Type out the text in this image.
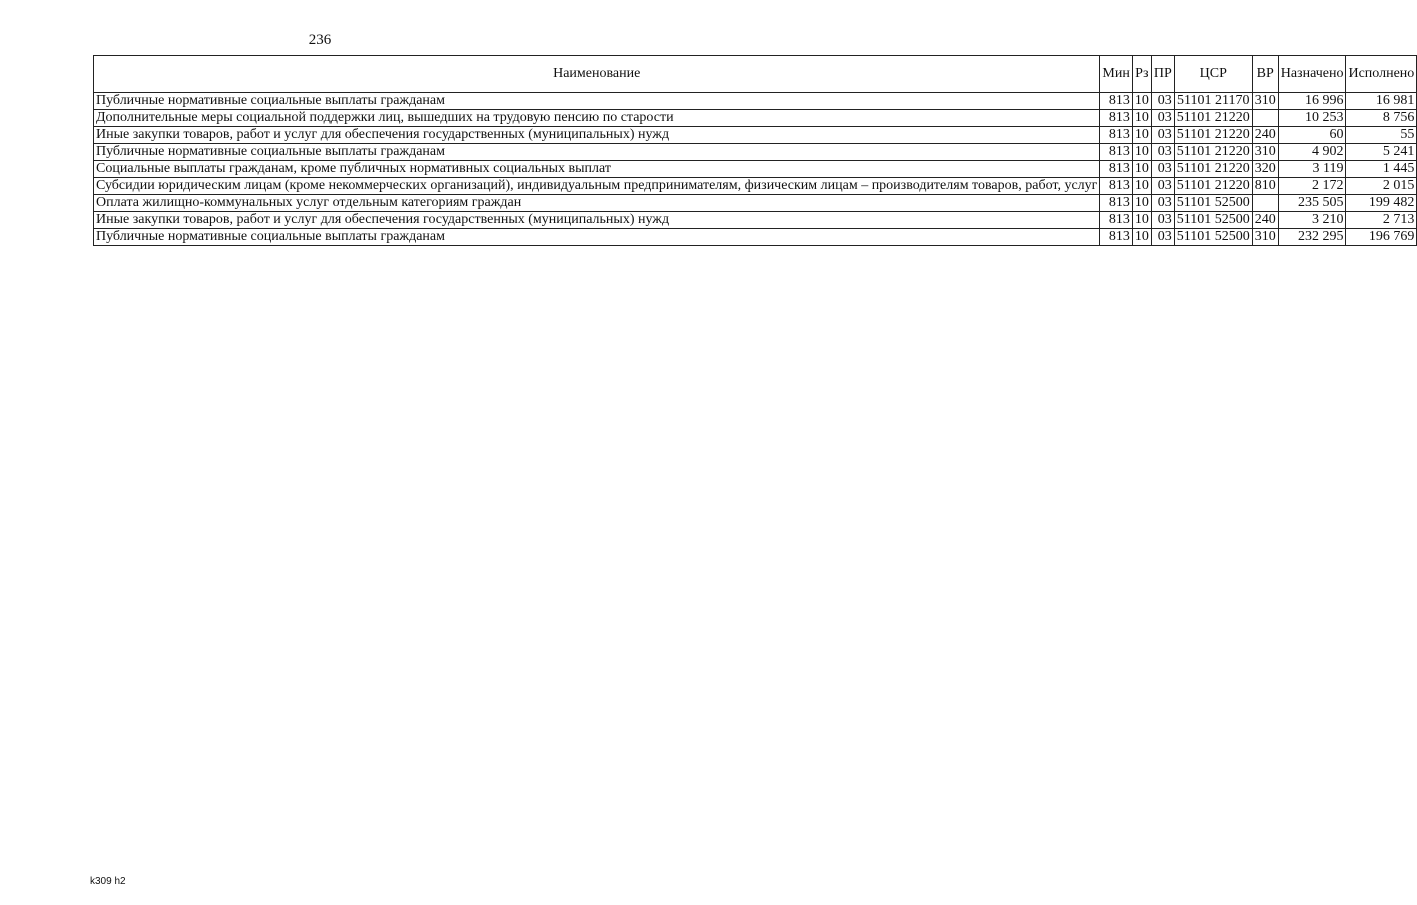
236
Наименование	Мин	Рз	ПР	ЦСР	ВР	Назначено	Исполнено
Публичные нормативные социальные выплаты гражданам	813	10	03	51101 21170	310	16 996	16 981
Дополнительные меры социальной поддержки лиц, вышедших на трудовую пенсию по старости	813	10	03	51101 21220		10 253	8 756
Иные закупки товаров, работ и услуг для обеспечения государственных (муниципальных) нужд	813	10	03	51101 21220	240	60	55
Публичные нормативные социальные выплаты гражданам	813	10	03	51101 21220	310	4 902	5 241
Социальные выплаты гражданам, кроме публичных нормативных социальных выплат	813	10	03	51101 21220	320	3 119	1 445
Субсидии юридическим лицам (кроме некоммерческих организаций), индивидуальным предпринимателям, физическим лицам – производителям товаров, работ, услуг	813	10	03	51101 21220	810	2 172	2 015
Оплата жилищно-коммунальных услуг отдельным категориям граждан	813	10	03	51101 52500		235 505	199 482
Иные закупки товаров, работ и услуг для обеспечения государственных (муниципальных) нужд	813	10	03	51101 52500	240	3 210	2 713
Публичные нормативные социальные выплаты гражданам	813	10	03	51101 52500	310	232 295	196 769
k309 h2
